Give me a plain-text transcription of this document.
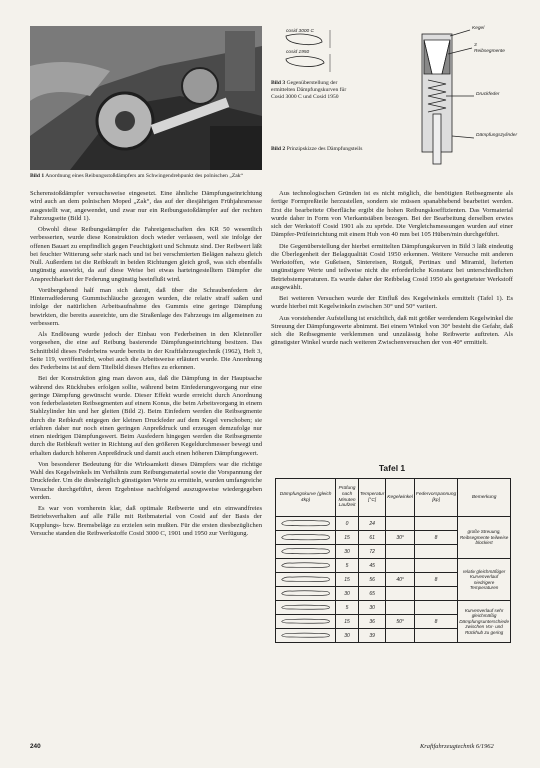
Bild 1 Anordnung eines Reibungsstoßdämpfers am Schwingendrehpunkt des polnischen „Zak“
cosid 3000 C
cosid 1950
Bild 3 Gegenüberstellung der ermittelten Dämpfungskurven für Cosid 3000 C und Cosid 1950
Kegel
3 Reibsegmente
Druckfeder
Dämpfungszylinder
Bild 2 Prinzipskizze des Dämpfungsteils

Scherenstoßdämpfer versuchsweise eingesetzt. Eine ähnliche Dämpfungseinrichtung wird auch an dem polnischen Moped „Zak“, das auf der diesjährigen Frühjahrsmesse ausgestellt war, angewendet, und zwar nur ein Reibungsstoßdämpfer auf der rechten Fahrzeugseite (Bild 1).

Obwohl diese Reibungsdämpfer die Fahreigenschaften des KR 50 wesentlich verbesserten, wurde diese Konstruktion doch wieder verlassen, weil sie infolge der offenen Bauart zu empfindlich gegen Feuchtigkeit und Schmutz sind. Der Reibwert läßt bei feuchter Witterung sehr stark nach und ist bei verschmierten Belägen nahezu gleich Null. Außerdem ist die Reibkraft in beiden Richtungen gleich groß, was sich ebenfalls ungünstig auswirkt, da auf diese Weise bei etwas harteingestelltem Dämpfer die Ansprechbarkeit der Federung ungünstig beeinflußt wird.

Vorübergehend half man sich damit, daß über die Schraubenfedern der Hinterradfederung Gummischläuche gezogen wurden, die relativ straff saßen und infolge der natürlichen Arbeitsaufnahme des Gummis eine geringe Dämpfung bewirkten, die bereits ausreichte, um die Straßenlage des Fahrzeugs im allgemeinen zu verbessern.

Als Endlösung wurde jedoch der Einbau von Federbeinen in den Kleinroller vorgesehen, die eine auf Reibung basierende Dämpfungseinrichtung besitzen. Das Schnittbild dieses Federbeins wurde bereits in der Kraftfahrzeugtechnik (1962), Heft 3, Seite 119, veröffentlicht, wobei auch die Arbeitsweise erläutert wurde. Die Anordnung des Federbeins ist auf dem Titelbild dieses Heftes zu erkennen.

Bei der Konstruktion ging man davon aus, daß die Dämpfung in der Hauptsache während des Rückhubes erfolgen sollte, während beim Einfederungsvorgang nur eine geringe Dämpfung gewünscht wurde. Dieser Effekt wurde erreicht durch Anordnung von federbelasteten Reibsegmenten auf einem Konus, die beim Arbeitsvorgang in einem Stahlzylinder hin und her gleiten (Bild 2). Beim Einfedern werden die Reibsegmente durch die Reibkraft entgegen der kleinen Druckfeder auf dem Kegel verschoben; sie erfahren daher nur noch einen geringen Anpreßdruck und erzeugen demzufolge nur einen niedrigen Dämpfungswert. Beim Ausfedern hingegen werden die Reibsegmente durch die Reibkraft weiter in Richtung auf den größeren Kegeldurchmesser bewegt und erhalten dadurch höheren Anpreßdruck und damit auch einen höheren Dämpfungswert.

Von besonderer Bedeutung für die Wirksamkeit dieses Dämpfers war die richtige Wahl des Kegelwinkels im Verhältnis zum Reibungsmaterial sowie die Vorspannung der Druckfeder. Um die diesbezüglich günstigsten Werte zu ermitteln, wurden umfangreiche Versuche durchgeführt, deren Ergebnisse nachfolgend auszugsweise wiedergegeben werden.

Es war von vornherein klar, daß optimale Reibwerte und ein einwandfreies Betriebsverhalten auf alle Fälle mit Reibmaterial von Cosid auf der Basis der Kupplungs- bzw. Bremsbeläge zu erzielen sein mußten. Für die ersten diesbezüglichen Versuche standen die Reibwerkstoffe Cosid 3000 C, 1901 und 1950 zur Verfügung.

Aus technologischen Gründen ist es nicht möglich, die benötigten Reibsegmente als fertige Formpreßteile herzustellen, sondern sie müssen spanabhebend bearbeitet werden. Erst die bearbeitete Oberfläche ergibt die hohen Reibungskoeffizienten. Das Vormaterial wurde daher in Form von Vierkantstäben bezogen. Bei der Bearbeitung derselben erwies sich der Werkstoff Cosid 1901 als zu spröde. Die Vergleichsmessungen wurden auf einer Dämpfer-Prüfeinrichtung mit einem Hub von 40 mm bei 105 Hüben/min durchgeführt.

Die Gegenüberstellung der hierbei ermittelten Dämpfungskurven in Bild 3 läßt eindeutig die Überlegenheit der Belagqualität Cosid 1950 erkennen. Weitere Versuche mit anderen Werkstoffen, wie Gußeisen, Sintereisen, Rotguß, Pertinax und Miramid, lieferten ungünstigere Werte und teilweise nicht die erforderliche Konstanz bei unterschiedlichen Betriebstemperaturen. Es wurde daher der Reibbelag Cosid 1950 als geeignetster Werkstoff ausgewählt.

Bei weiteren Versuchen wurde der Einfluß des Kegelwinkels ermittelt (Tafel 1). Es wurde hierbei mit Kegelwinkeln zwischen 30° und 50° variiert.

Aus vorstehender Aufstellung ist ersichtlich, daß mit größer werdendem Kegelwinkel die Streuung der Dämpfungswerte abnimmt. Bei einem Winkel von 30° besteht die Gefahr, daß sich die Reibsegmente verklemmen und unzulässig hohe Reibwerte auftreten. Als günstigster Winkel wurde nach weiteren Zwischenversuchen der von 40° ermittelt.

Tafel 1
Dämpfungskurve (gleich 4kp)	Prüfung nach Minuten Laufzeit	Temperatur [°C]	Kegelwinkel	Federvorspannung [kp]	Bemerkung

	0	24			große Streuung, Reibsegmente teilweise blockiert

	15	61	30°	8	

	30	72			

	5	45			relativ gleichmäßiger Kurvenverlauf niedrigere Temperaturen

	15	56	40°	8	

	30	65			

	5	30			Kurvenverlauf sehr gleichmäßig Dämpfungsunterschiede zwischen Vor- und Rückhub zu gering

	15	36	50°	8	

	30	39			
240	Kraftfahrzeugtechnik 6/1962
